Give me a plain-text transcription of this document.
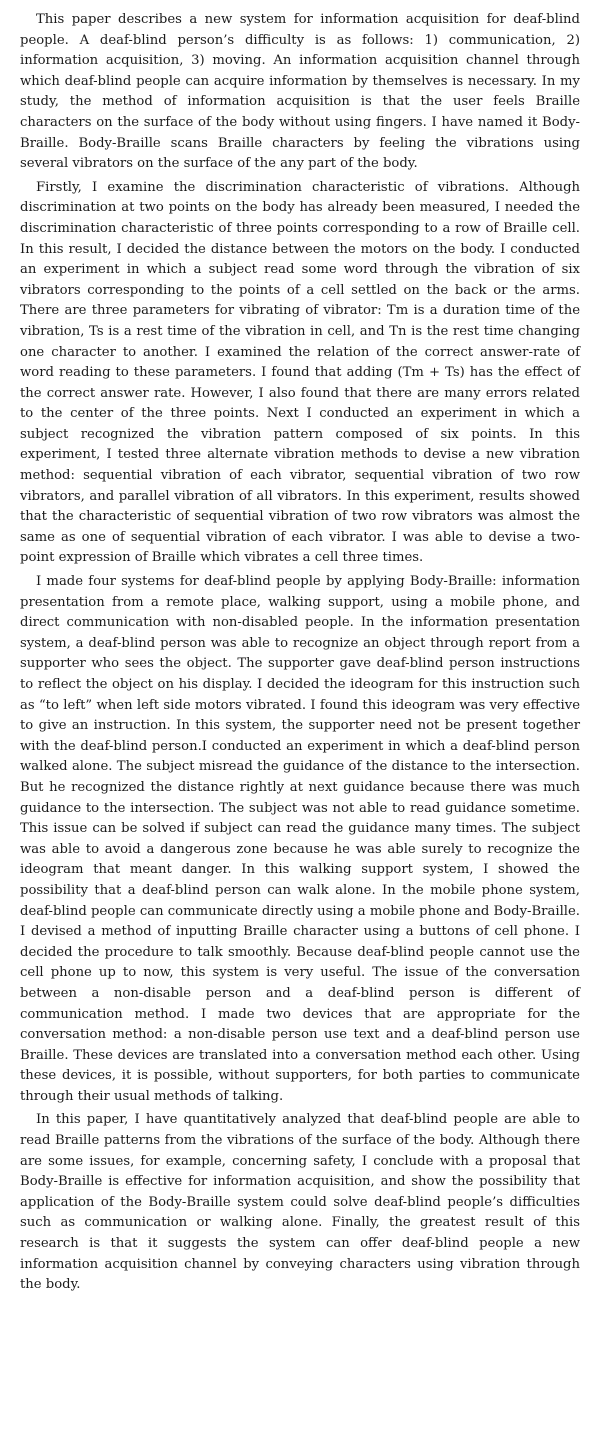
This paper describes a new system for information acquisition for deaf-blind people. A deaf-blind person’s difficulty is as follows: 1) communication, 2) information acquisition, 3) moving. An information acquisition channel through which deaf-blind people can acquire information by themselves is necessary. In my study, the method of information acquisition is that the user feels Braille characters on the surface of the body without using fingers. I have named it Body-Braille. Body-Braille scans Braille characters by feeling the vibrations using several vibrators on the surface of the any part of the body.

Firstly, I examine the discrimination characteristic of vibrations. Although discrimination at two points on the body has already been measured, I needed the discrimination characteristic of three points corresponding to a row of Braille cell. In this result, I decided the distance between the motors on the body. I conducted an experiment in which a subject read some word through the vibration of six vibrators corresponding to the points of a cell settled on the back or the arms. There are three parameters for vibrating of vibrator: Tm is a duration time of the vibration, Ts is a rest time of the vibration in cell, and Tn is the rest time changing one character to another. I examined the relation of the correct answer-rate of word reading to these parameters. I found that adding (Tm + Ts) has the effect of the correct answer rate. However, I also found that there are many errors related to the center of the three points. Next I conducted an experiment in which a subject recognized the vibration pattern composed of six points. In this experiment, I tested three alternate vibration methods to devise a new vibration method: sequential vibration of each vibrator, sequential vibration of two row vibrators, and parallel vibration of all vibrators. In this experiment, results showed that the characteristic of sequential vibration of two row vibrators was almost the same as one of sequential vibration of each vibrator. I was able to devise a two-point expression of Braille which vibrates a cell three times.

I made four systems for deaf-blind people by applying Body-Braille: information presentation from a remote place, walking support, using a mobile phone, and direct communication with non-disabled people. In the information presentation system, a deaf-blind person was able to recognize an object through report from a supporter who sees the object. The supporter gave deaf-blind person instructions to reflect the object on his display. I decided the ideogram for this instruction such as “to left” when left side motors vibrated. I found this ideogram was very effective to give an instruction. In this system, the supporter need not be present together with the deaf-blind person.I conducted an experiment in which a deaf-blind person walked alone. The subject misread the guidance of the distance to the intersection. But he recognized the distance rightly at next guidance because there was much guidance to the intersection. The subject was not able to read guidance sometime. This issue can be solved if subject can read the guidance many times. The subject was able to avoid a dangerous zone because he was able surely to recognize the ideogram that meant danger. In this walking support system, I showed the possibility that a deaf-blind person can walk alone. In the mobile phone system, deaf-blind people can communicate directly using a mobile phone and Body-Braille. I devised a method of inputting Braille character using a buttons of cell phone. I decided the procedure to talk smoothly. Because deaf-blind people cannot use the cell phone up to now, this system is very useful. The issue of the conversation between a non-disable person and a deaf-blind person is different of communication method. I made two devices that are appropriate for the conversation method: a non-disable person use text and a deaf-blind person use Braille. These devices are translated into a conversation method each other. Using these devices, it is possible, without supporters, for both parties to communicate through their usual methods of talking.

In this paper, I have quantitatively analyzed that deaf-blind people are able to read Braille patterns from the vibrations of the surface of the body. Although there are some issues, for example, concerning safety, I conclude with a proposal that Body-Braille is effective for information acquisition, and show the possibility that application of the Body-Braille system could solve deaf-blind people’s difficulties such as communication or walking alone. Finally, the greatest result of this research is that it suggests the system can offer deaf-blind people a new information acquisition channel by conveying characters using vibration through the body.
